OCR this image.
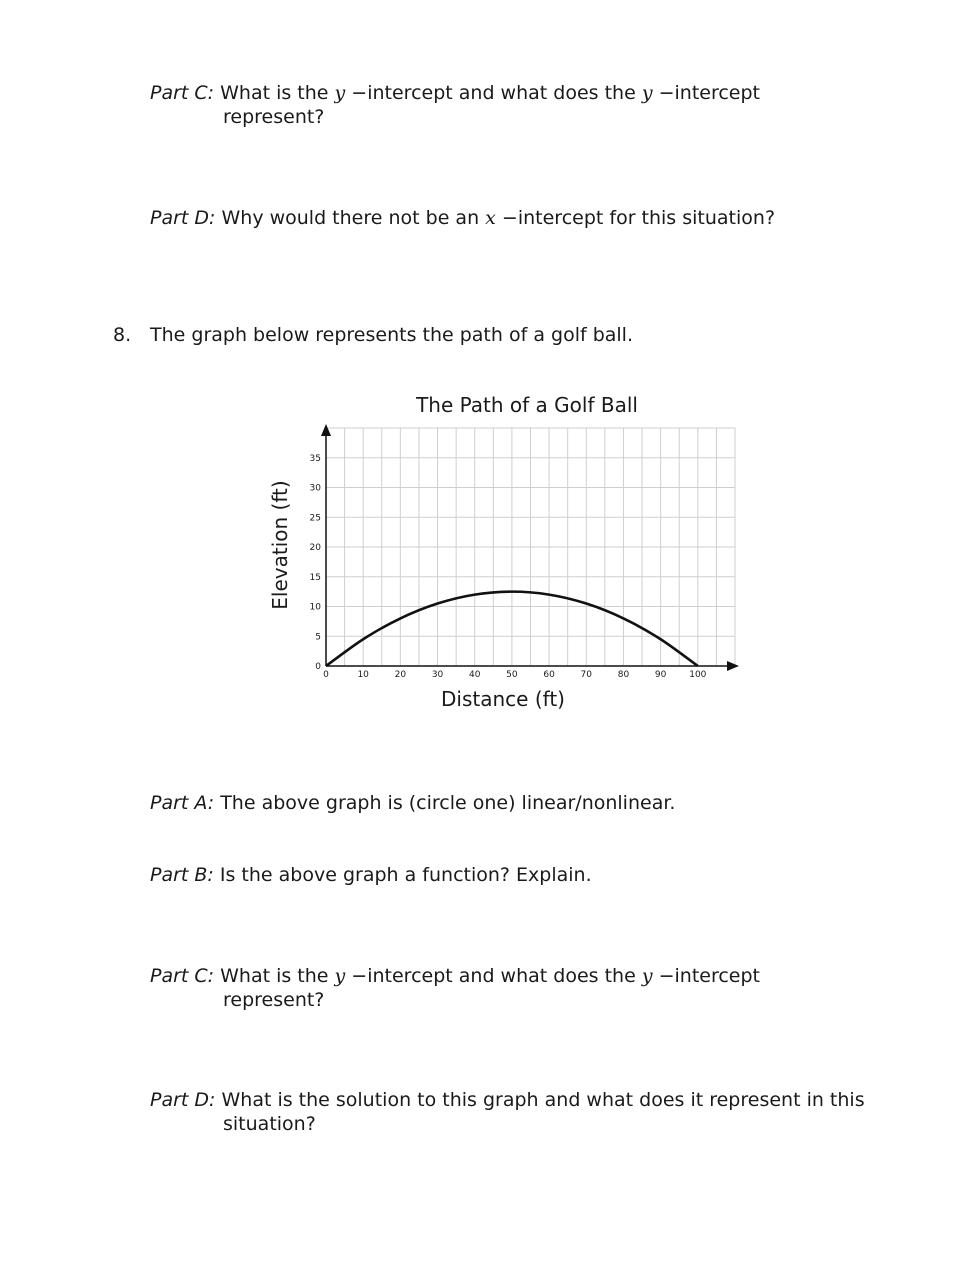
Part C: What is the y −intercept and what does the y −intercept
represent?
Part D: Why would there not be an x −intercept for this situation?
8. The graph below represents the path of a golf ball.
The Path of a Golf Ball
0	10	20	30	40	50	60	70	80	90	100
0
5
10
15
20
25
30
35
Distance (ft)
Elevation (ft)
Part A: The above graph is (circle one) linear/nonlinear.
Part B: Is the above graph a function? Explain.
Part C: What is the y −intercept and what does the y −intercept
represent?
Part D: What is the solution to this graph and what does it represent in this
situation?
